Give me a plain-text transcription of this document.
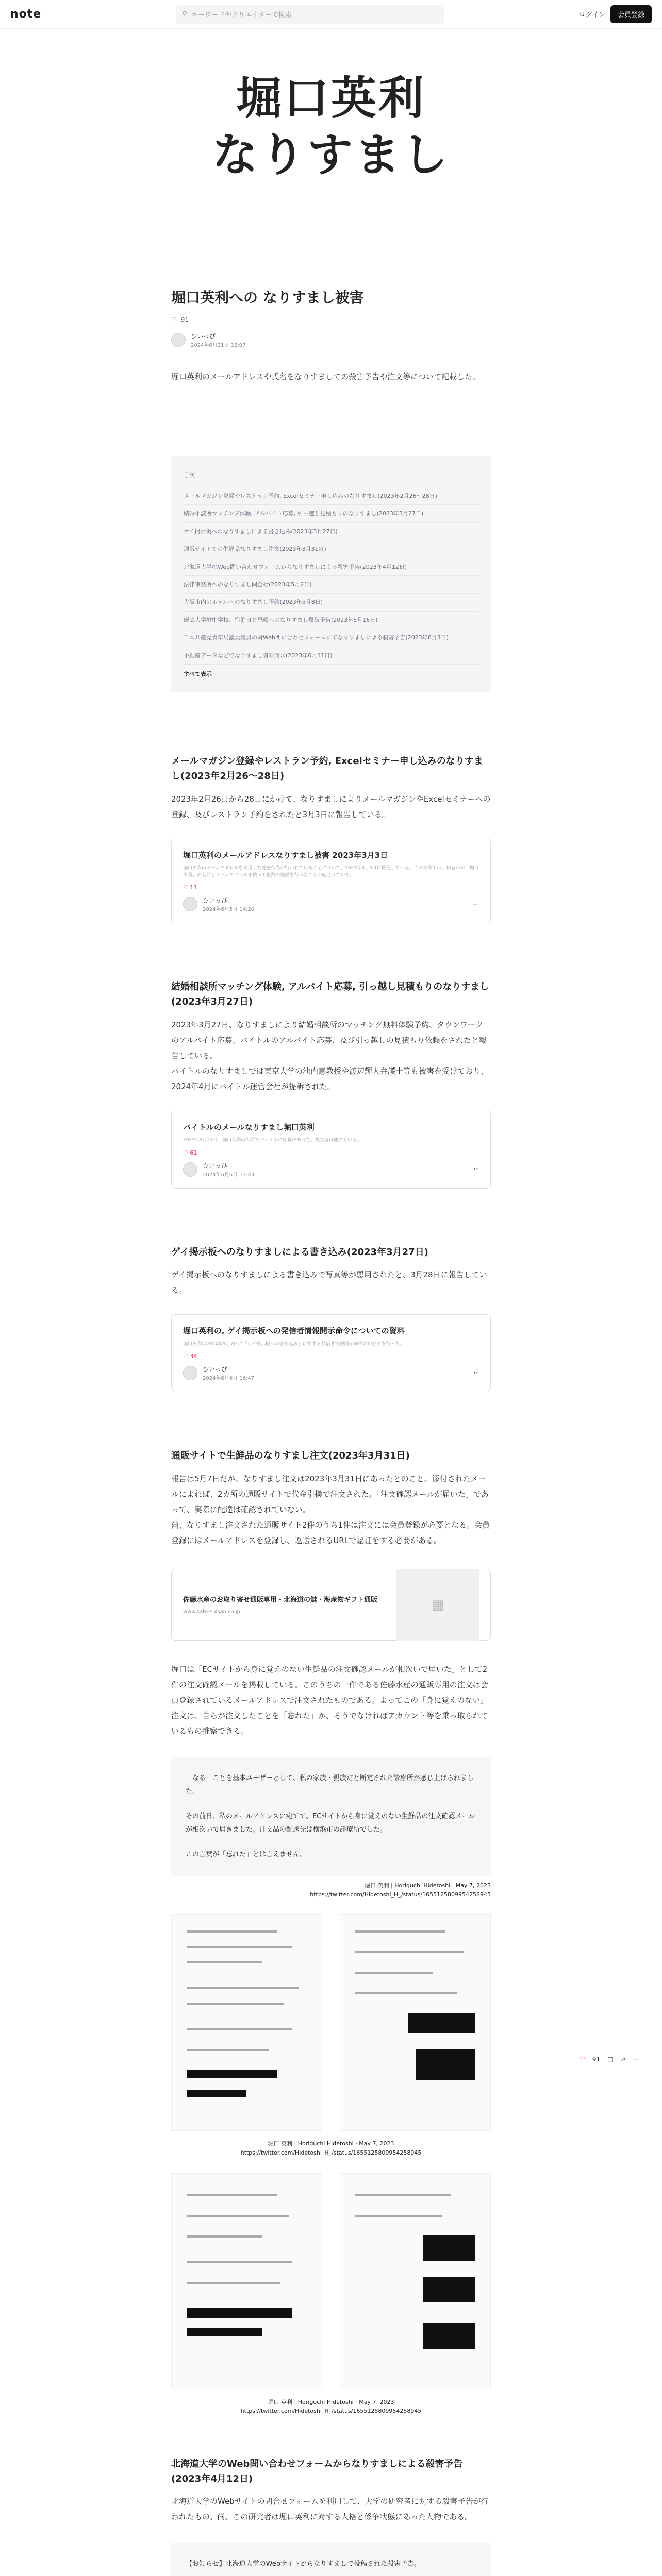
note	⚲ キーワードやクリエイターで検索	ログイン	会員登録
堀口英利
なりすまし
堀口英利への なりすまし被害
♡ 91
ひいっぴ
2024年6月21日 12:07

堀口英利のメールアドレスや氏名をなりすましての殺害予告や注文等について記載した。

目次
メールマガジン登録やレストラン予約, Excelセミナー申し込みのなりすまし(2023年2月26〜28日)
結婚相談所マッチング体験, アルバイト応募, 引っ越し見積もりのなりすまし(2023年3月27日)
ゲイ掲示板へのなりすましによる書き込み(2023年3月27日)
通販サイトでの生鮮品なりすまし注文(2023年3月31日)
北海道大学のWeb問い合わせフォームからなりすましによる殺害予告(2023年4月12日)
法律事務所へのなりすまし問合せ(2023年5月2日)
大阪市内のホテルへのなりすまし予約(2023年5月8日)
慶應大学附中学校、宿泊日と恐喝へのなりすまし爆破予告(2023年5月16日)
日本共産党青年局議員議員の対Web問い合わせフォームにてなりすましによる殺害予告(2023年6月3日)
不動産データなどでなりすまし資料請求(2023年6月11日)
すべて表示
メールマガジン登録やレストラン予約, Excelセミナー申し込みのなりすまし(2023年2月26〜28日)

2023年2月26日から28日にかけて、なりすましによりメールマガジンやExcelセミナーへの登録、及びレストラン予約をされたと3月3日に報告している。

堀口英利のメールアドレスなりすまし被害 2023年3月3日
堀口英利のメールアドレスを使用した迷惑行為が行われていることについて、2023年3月3日に報告している。この文章では、何者かが「堀口英利」の名前とメールアドレスを使って複数の登録を行ったことが記されている。
♡ 11
ひいっぴ
2024年6月5日 14:20
⋯
結婚相談所マッチング体験, アルバイト応募, 引っ越し見積もりのなりすまし(2023年3月27日)

2023年3月27日、なりすましにより結婚相談所のマッチング無料体験予約、タウンワークのアルバイト応募、バイトルのアルバイト応募、及び引っ越しの見積もり依頼をされたと報告している。

バイトルのなりすましでは東京大学の池内恵教授や渡辺輝人弁護士等も被害を受けており、2024年4月にバイトル運営会社が提訴された。

バイトルのメールなりすまし堀口英利
2023年3月27日、堀口英利の名前でバイトルに応募があった。被害者は他にもいる。
♡ 61
ひいっぴ
2024年6月6日 17:43
⋯
ゲイ掲示板へのなりすましによる書き込み(2023年3月27日)

ゲイ掲示板へのなりすましによる書き込みで写真等が悪用されたと、3月28日に報告している。

堀口英利の, ゲイ掲示板への発信者情報開示命令についての資料
堀口英利は2024年5月7日に「ゲイ掲示板への書き込み」に関する発信者情報開示命令の申立てを行った。
♡ 34
ひいっぴ
2024年6月9日 16:47
⋯
通販サイトで生鮮品のなりすまし注文(2023年3月31日)

報告は5月7日だが、なりすまし注文は2023年3月31日にあったとのこと。添付されたメールによれば、2カ所の通販サイトで代金引換で注文された。「注文確認メールが届いた」であって、実際に配達は確認されていない。

尚、なりすまし注文された通販サイト2件のうち1件は注文には会員登録が必要となる。会員登録にはメールアドレスを登録し、返送されるURLで認証をする必要がある。

佐藤水産のお取り寄せ通販専用・北海道の鮭・海産物ギフト通販
www.sato-suisan.co.jp	▦

堀口は「ECサイトから身に覚えのない生鮮品の注文確認メールが相次いで届いた」として2件の注文確認メールを掲載している。このうちの一件である佐藤水産の通販専用の注文は会員登録されているメールアドレスで注文されたものである。よってこの「身に覚えのない」注文は、自らが注文したことを「忘れた」か、そうでなければアカウント等を乗っ取られているもの推察できる。

「なる」ことを基本ユーザーとして、私の家族・親族だと断定された診療所が感じ上げられました。

その前日、私のメールアドレスに宛てて、ECサイトから身に覚えのない生鮮品の注文確認メールが相次いで届きました。注文品の配送先は横浜市の診療所でした。

この言葉が「忘れた」とは言えません。

堀口 英利 | Horiguchi Hidetoshi · May 7, 2023
https://twitter.com/Hidetoshi_H_/status/1655125809954258945
堀口 英利 | Horiguchi Hidetoshi · May 7, 2023
https://twitter.com/Hidetoshi_H_/status/1655125809954258945
堀口 英利 | Horiguchi Hidetoshi · May 7, 2023
https://twitter.com/Hidetoshi_H_/status/1655125809954258945
北海道大学のWeb問い合わせフォームからなりすましによる殺害予告(2023年4月12日)

北海道大学のWebサイトの問合せフォームを利用して、大学の研究者に対する殺害予告が行われたもの。尚、この研究者は堀口英利に対する人格と係争状態にあった人物である。

【お知らせ】北海道大学のWebサイトからなりすましで投稿された殺害予告。

♡ 91 □ ↗ ⋯
